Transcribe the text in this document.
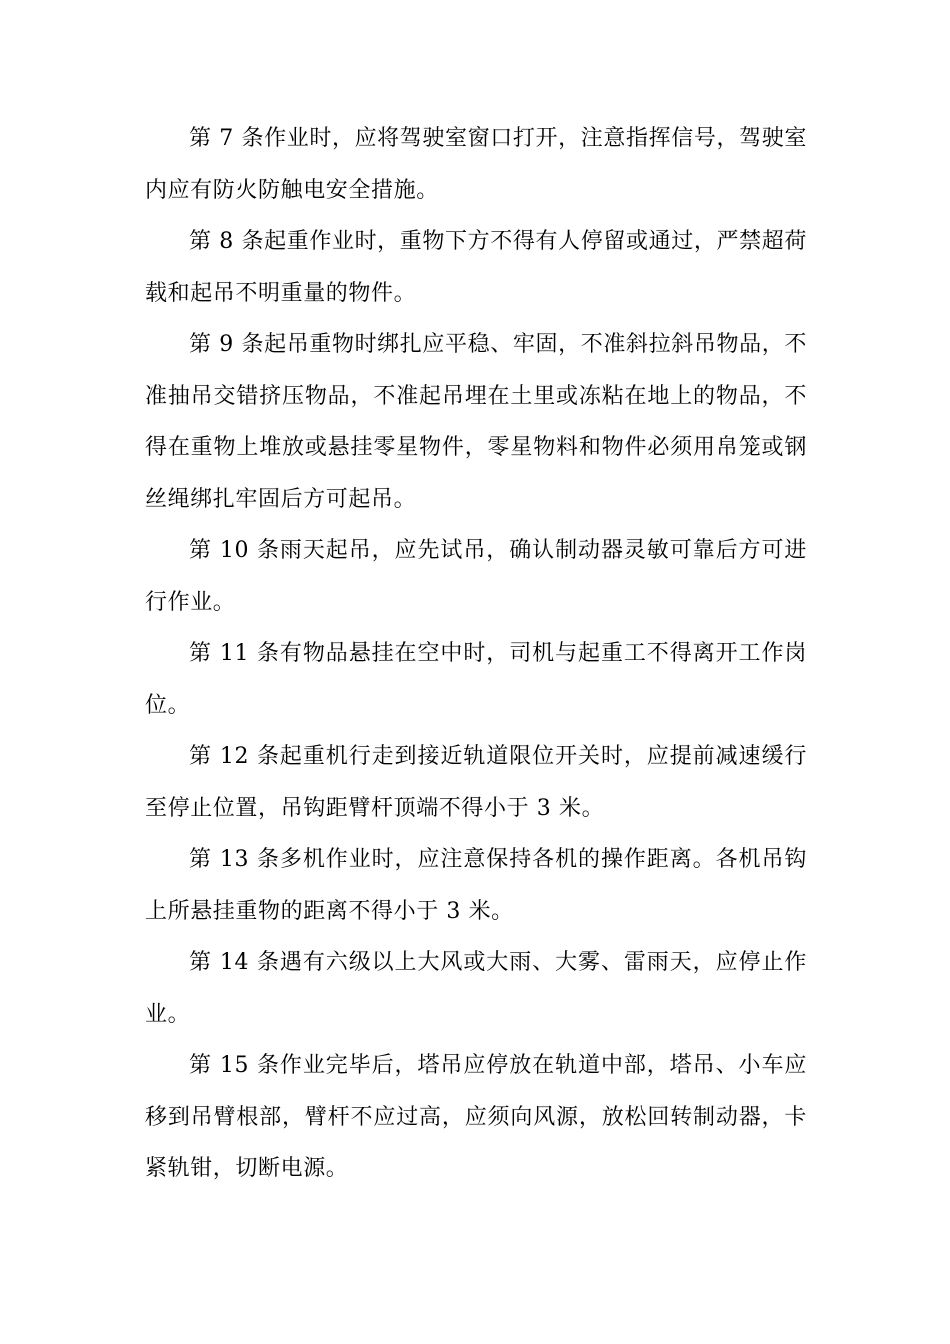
第 7 条作业时，应将驾驶室窗口打开，注意指挥信号，驾驶室内应有防火防触电安全措施。

第 8 条起重作业时，重物下方不得有人停留或通过，严禁超荷载和起吊不明重量的物件。

第 9 条起吊重物时绑扎应平稳、牢固，不准斜拉斜吊物品，不准抽吊交错挤压物品，不准起吊埋在土里或冻粘在地上的物品，不得在重物上堆放或悬挂零星物件，零星物料和物件必须用帛笼或钢丝绳绑扎牢固后方可起吊。

第 10 条雨天起吊，应先试吊，确认制动器灵敏可靠后方可进行作业。

第 11 条有物品悬挂在空中时，司机与起重工不得离开工作岗位。

第 12 条起重机行走到接近轨道限位开关时，应提前减速缓行至停止位置，吊钩距臂杆顶端不得小于 3 米。

第 13 条多机作业时，应注意保持各机的操作距离。各机吊钩上所悬挂重物的距离不得小于 3 米。

第 14 条遇有六级以上大风或大雨、大雾、雷雨天，应停止作业。

第 15 条作业完毕后，塔吊应停放在轨道中部，塔吊、小车应移到吊臂根部，臂杆不应过高，应须向风源，放松回转制动器，卡紧轨钳，切断电源。
